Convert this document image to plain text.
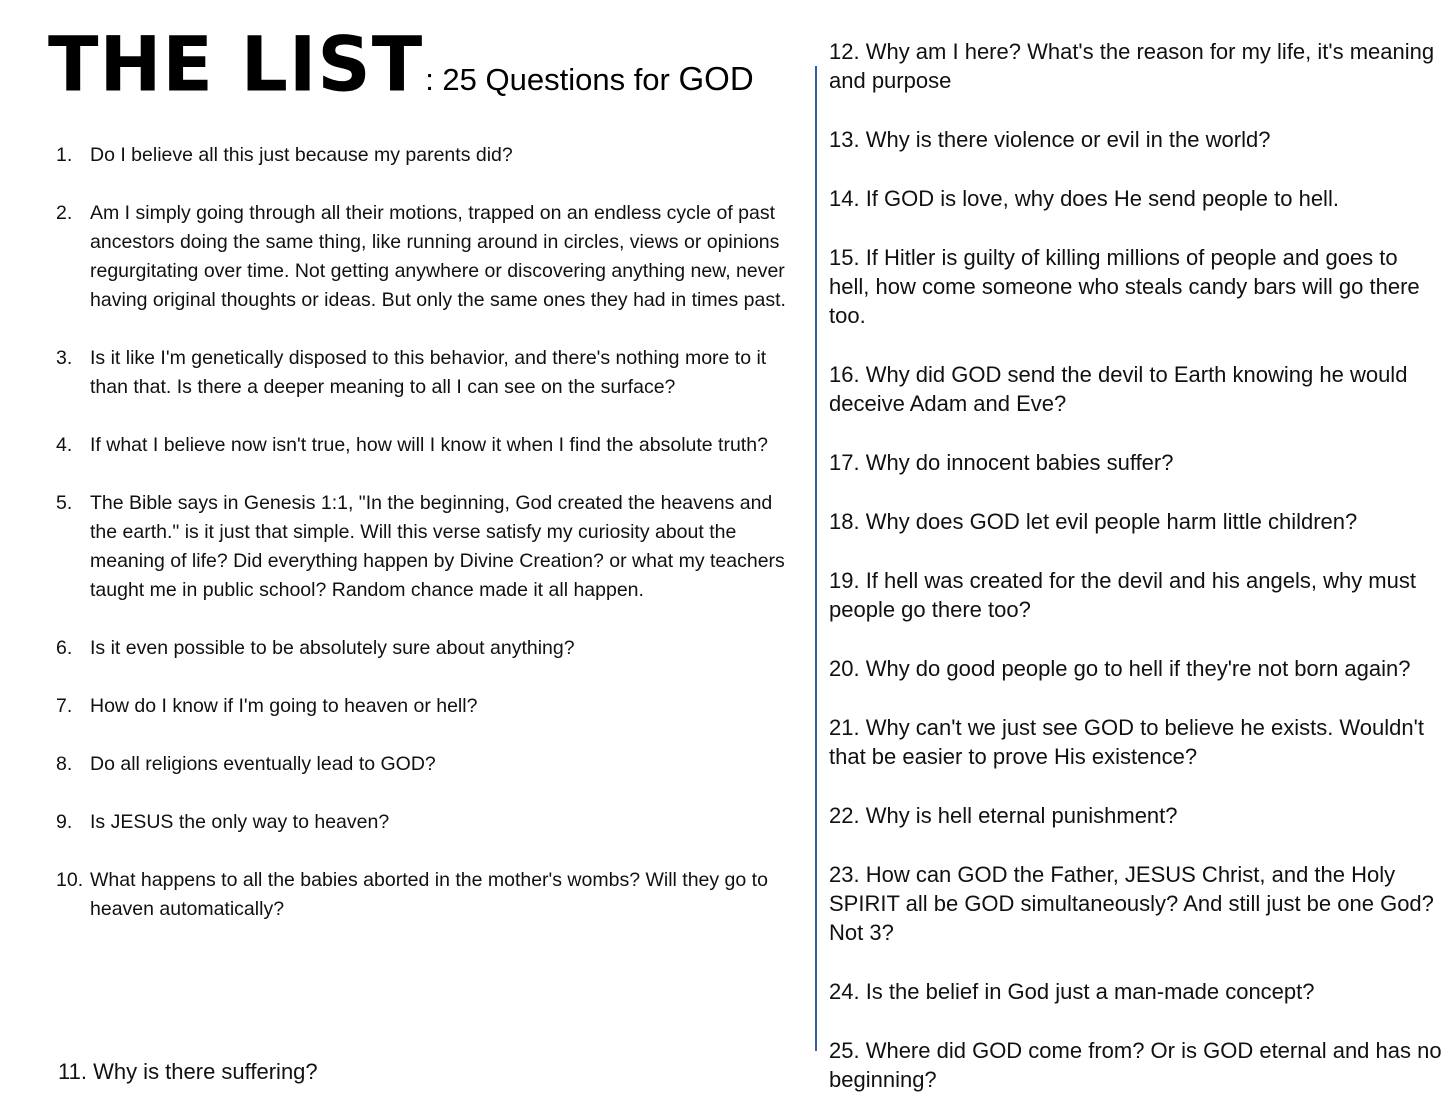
THE LIST: 25 Questions for GOD
1. Do I believe all this just because my parents did?
2. Am I simply going through all their motions, trapped on an endless cycle of past ancestors doing the same thing, like running around in circles, views or opinions regurgitating over time. Not getting anywhere or discovering anything new, never having original thoughts or ideas. But only the same ones they had in times past.
3. Is it like I'm genetically disposed to this behavior, and there's nothing more to it than that. Is there a deeper meaning to all I can see on the surface?
4. If what I believe now isn't true, how will I know it when I find the absolute truth?
5. The Bible says in Genesis 1:1, "In the beginning, God created the heavens and the earth." is it just that simple. Will this verse satisfy my curiosity about the meaning of life? Did everything happen by Divine Creation? or what my teachers taught me in public school? Random chance made it all happen.
6. Is it even possible to be absolutely sure about anything?
7. How do I know if I'm going to heaven or hell?
8. Do all religions eventually lead to GOD?
9. Is JESUS the only way to heaven?
10. What happens to all the babies aborted in the mother's wombs? Will they go to heaven automatically?
11. Why is there suffering?
12. Why am I here? What's the reason for my life, it's meaning and purpose
13. Why is there violence or evil in the world?
14. If GOD is love, why does He send people to hell.
15. If Hitler is guilty of killing millions of people and goes to hell, how come someone who steals candy bars will go there too.
16. Why did GOD send the devil to Earth knowing he would deceive Adam and Eve?
17. Why do innocent babies suffer?
18. Why does GOD let evil people harm little children?
19. If hell was created for the devil and his angels, why must people go there too?
20. Why do good people go to hell if they're not born again?
21. Why can't we just see GOD to believe he exists. Wouldn't that be easier to prove His existence?
22. Why is hell eternal punishment?
23. How can GOD the Father, JESUS Christ, and the Holy SPIRIT all be GOD simultaneously? And still just be one God? Not 3?
24. Is the belief in God just a man-made concept?
25. Where did GOD come from? Or is GOD eternal and has no beginning?
